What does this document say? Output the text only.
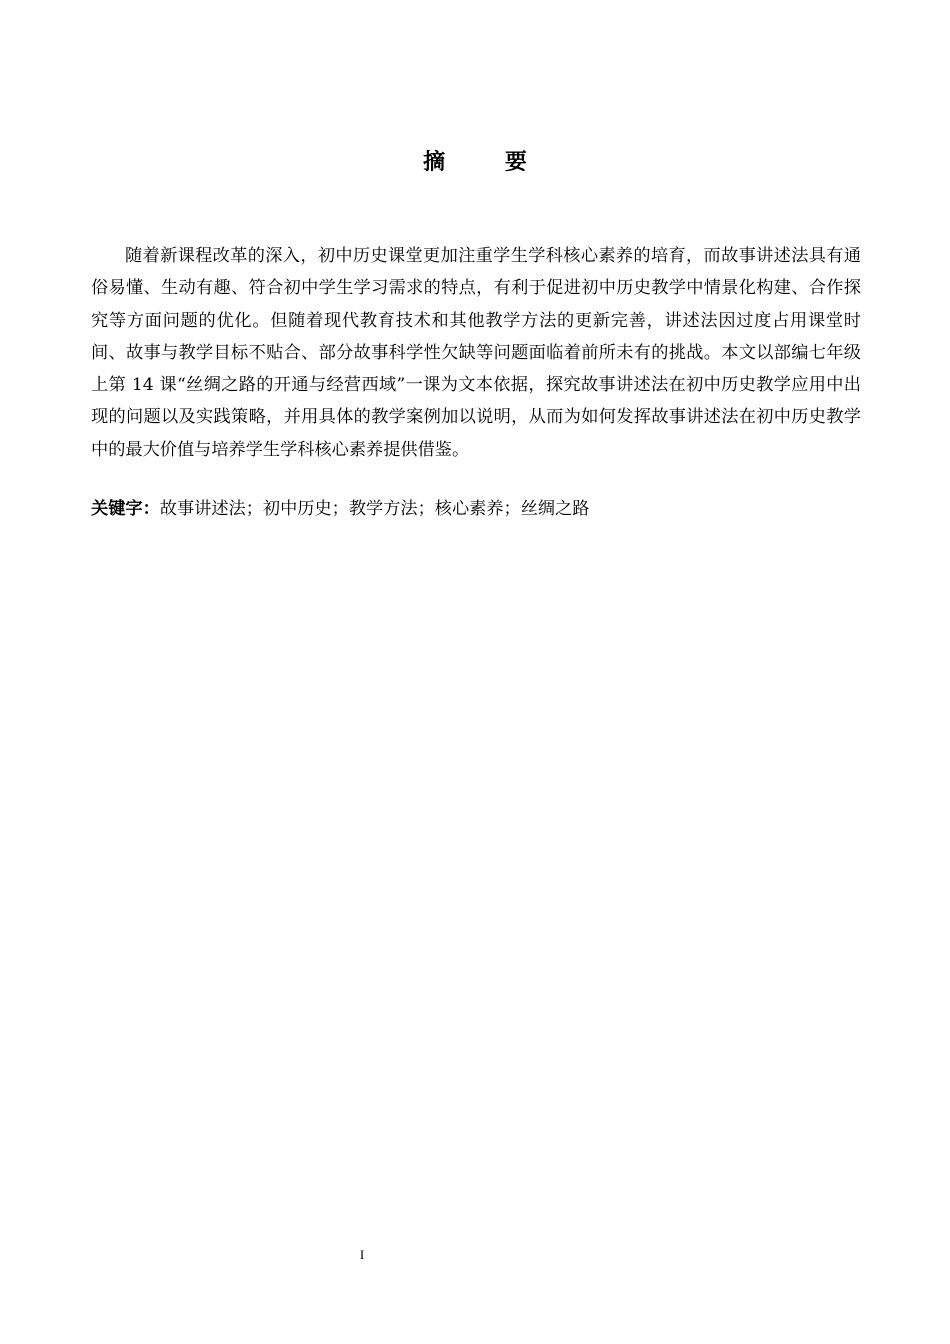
摘 要

随着新课程改革的深入，初中历史课堂更加注重学生学科核心素养的培育，而故事讲述法具有通俗易懂、生动有趣、符合初中学生学习需求的特点，有利于促进初中历史教学中情景化构建、合作探究等方面问题的优化。但随着现代教育技术和其他教学方法的更新完善，讲述法因过度占用课堂时间、故事与教学目标不贴合、部分故事科学性欠缺等问题面临着前所未有的挑战。本文以部编七年级上第 14 课“丝绸之路的开通与经营西域”一课为文本依据，探究故事讲述法在初中历史教学应用中出现的问题以及实践策略，并用具体的教学案例加以说明，从而为如何发挥故事讲述法在初中历史教学中的最大价值与培养学生学科核心素养提供借鉴。

关键字：故事讲述法；初中历史；教学方法；核心素养；丝绸之路

I
